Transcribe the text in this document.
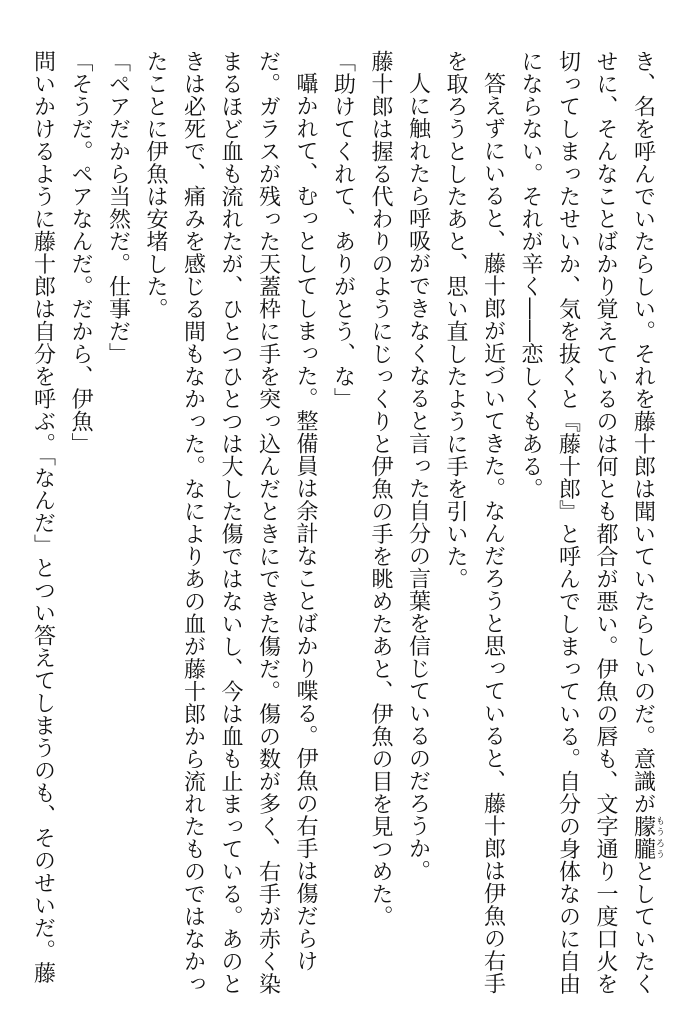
き、名を呼んでいたらしい。それを藤十郎は聞いていたらしいのだ。意識が朦朧もうろうとしていたく

せに、そんなことばかり覚えているのは何とも都合が悪い。伊魚の唇も、文字通り一度口火を

切ってしまったせいか、気を抜くと『藤十郎』と呼んでしまっている。自分の身体なのに自由

にならない。それが辛く――恋しくもある。

答えずにいると、藤十郎が近づいてきた。なんだろうと思っていると、藤十郎は伊魚の右手

を取ろうとしたあと、思い直したように手を引いた。

人に触れたら呼吸ができなくなると言った自分の言葉を信じているのだろうか。

藤十郎は握る代わりのようにじっくりと伊魚の手を眺めたあと、伊魚の目を見つめた。

「助けてくれて、ありがとう、な」

囁かれて、むっとしてしまった。整備員は余計なことばかり喋る。伊魚の右手は傷だらけ

だ。ガラスが残った天蓋枠に手を突っ込んだときにできた傷だ。傷の数が多く、右手が赤く染

まるほど血も流れたが、ひとつひとつは大した傷ではないし、今は血も止まっている。あのと

きは必死で、痛みを感じる間もなかった。なによりあの血が藤十郎から流れたものではなかっ

たことに伊魚は安堵した。

「ペアだから当然だ。仕事だ」

「そうだ。ペアなんだ。だから、伊魚」

問いかけるように藤十郎は自分を呼ぶ。「なんだ」とつい答えてしまうのも、そのせいだ。藤
